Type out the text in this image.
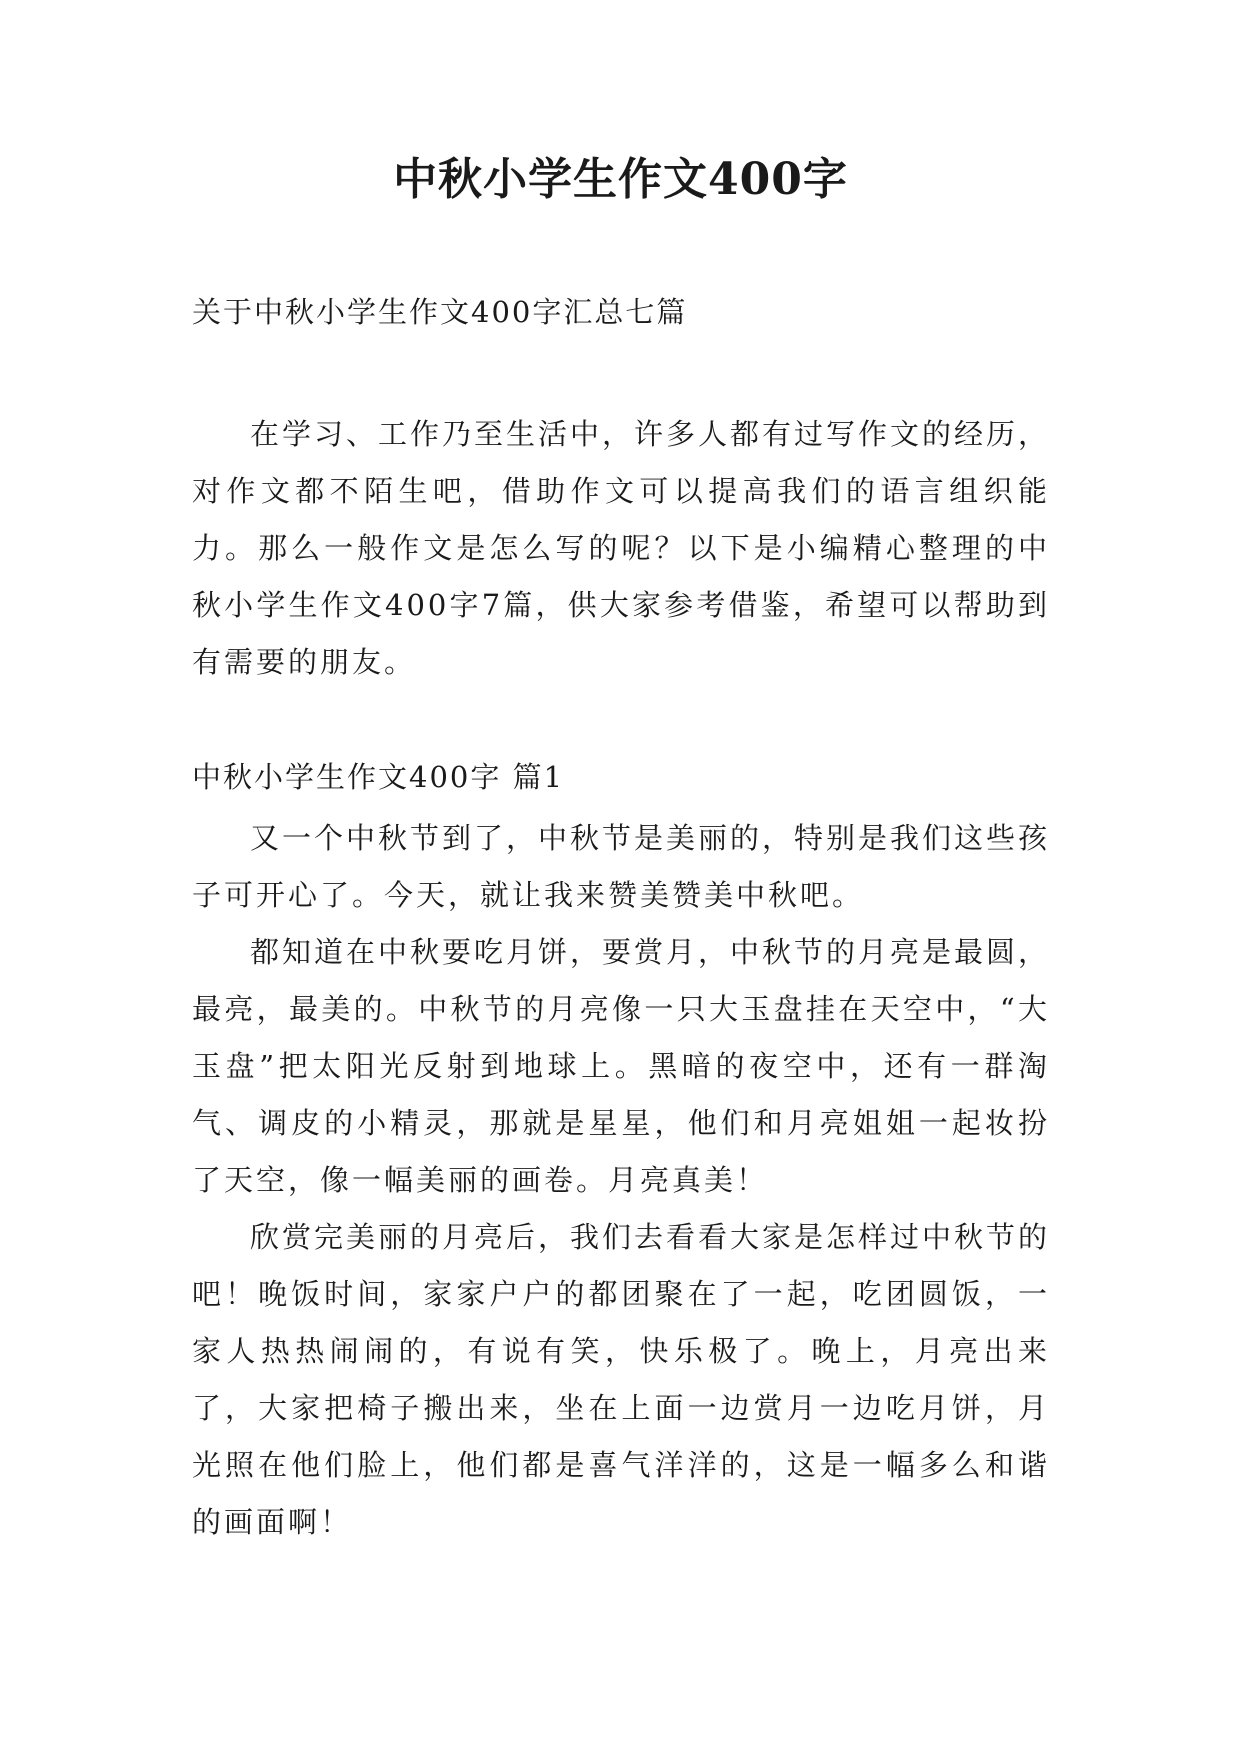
中秋小学生作文400字
关于中秋小学生作文400字汇总七篇
在学习、工作乃至生活中，许多人都有过写作文的经历，对作文都不陌生吧，借助作文可以提高我们的语言组织能力。那么一般作文是怎么写的呢？以下是小编精心整理的中秋小学生作文400字7篇，供大家参考借鉴，希望可以帮助到有需要的朋友。
中秋小学生作文400字 篇1
又一个中秋节到了，中秋节是美丽的，特别是我们这些孩子可开心了。今天，就让我来赞美赞美中秋吧。
都知道在中秋要吃月饼，要赏月，中秋节的月亮是最圆，最亮，最美的。中秋节的月亮像一只大玉盘挂在天空中，“大玉盘”把太阳光反射到地球上。黑暗的夜空中，还有一群淘气、调皮的小精灵，那就是星星，他们和月亮姐姐一起妆扮了天空，像一幅美丽的画卷。月亮真美！
欣赏完美丽的月亮后，我们去看看大家是怎样过中秋节的吧！晚饭时间，家家户户的都团聚在了一起，吃团圆饭，一家人热热闹闹的，有说有笑，快乐极了。晚上，月亮出来了，大家把椅子搬出来，坐在上面一边赏月一边吃月饼，月光照在他们脸上，他们都是喜气洋洋的，这是一幅多么和谐的画面啊！
